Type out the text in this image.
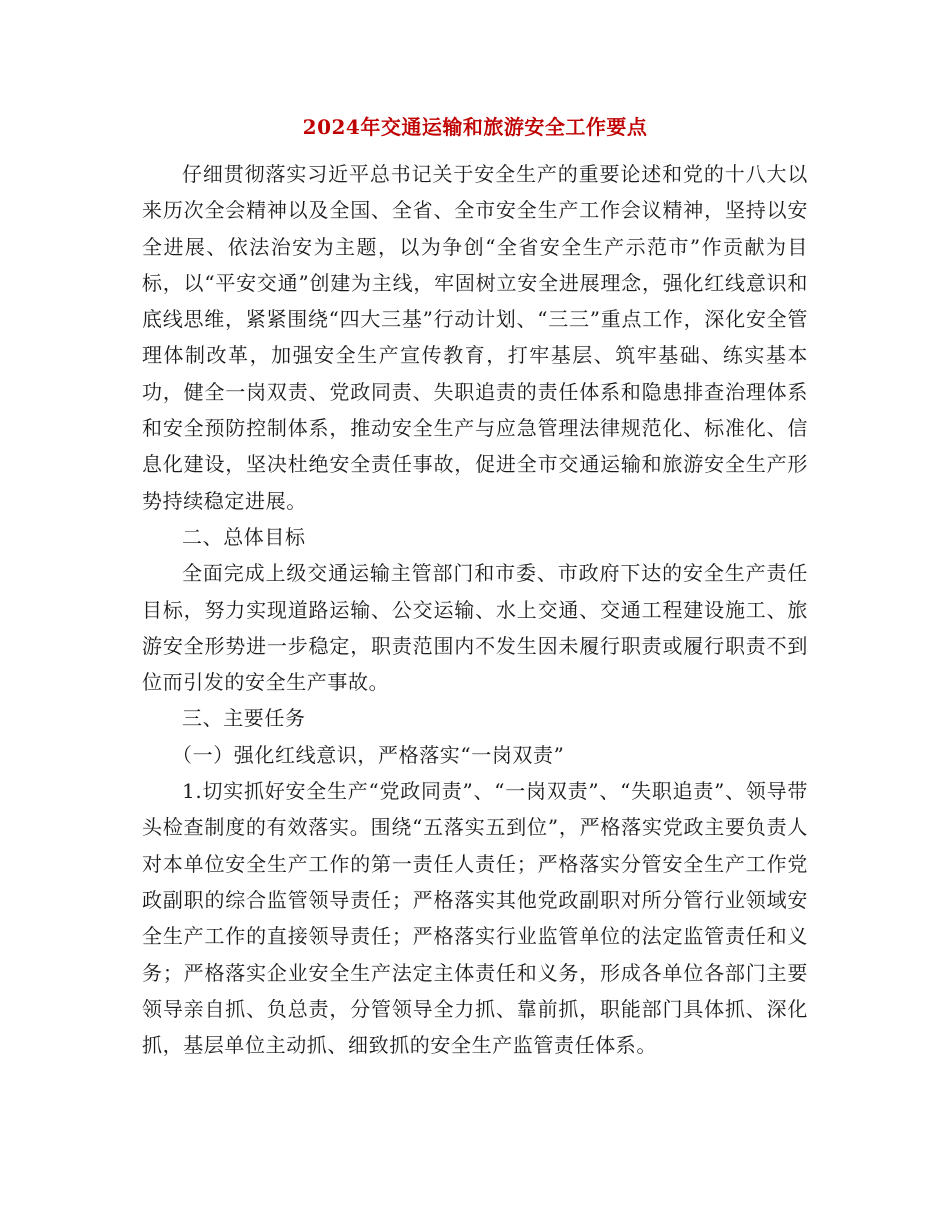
2024年交通运输和旅游安全工作要点

仔细贯彻落实习近平总书记关于安全生产的重要论述和党的十八大以来历次全会精神以及全国、全省、全市安全生产工作会议精神，坚持以安全进展、依法治安为主题，以为争创“全省安全生产示范市”作贡献为目标，以“平安交通”创建为主线，牢固树立安全进展理念，强化红线意识和底线思维，紧紧围绕“四大三基”行动计划、“三三”重点工作，深化安全管理体制改革，加强安全生产宣传教育，打牢基层、筑牢基础、练实基本功，健全一岗双责、党政同责、失职追责的责任体系和隐患排查治理体系和安全预防控制体系，推动安全生产与应急管理法律规范化、标准化、信息化建设，坚决杜绝安全责任事故，促进全市交通运输和旅游安全生产形势持续稳定进展。

二、总体目标

全面完成上级交通运输主管部门和市委、市政府下达的安全生产责任目标，努力实现道路运输、公交运输、水上交通、交通工程建设施工、旅游安全形势进一步稳定，职责范围内不发生因未履行职责或履行职责不到位而引发的安全生产事故。

三、主要任务

（一）强化红线意识，严格落实“一岗双责”

1.切实抓好安全生产“党政同责”、“一岗双责”、“失职追责”、领导带头检查制度的有效落实。围绕“五落实五到位”，严格落实党政主要负责人对本单位安全生产工作的第一责任人责任；严格落实分管安全生产工作党政副职的综合监管领导责任；严格落实其他党政副职对所分管行业领域安全生产工作的直接领导责任；严格落实行业监管单位的法定监管责任和义务；严格落实企业安全生产法定主体责任和义务，形成各单位各部门主要领导亲自抓、负总责，分管领导全力抓、靠前抓，职能部门具体抓、深化抓，基层单位主动抓、细致抓的安全生产监管责任体系。
